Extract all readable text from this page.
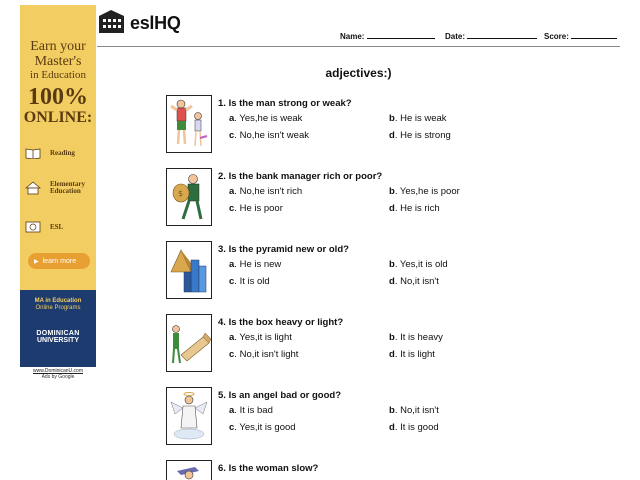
Earn your
Master's
in Education
100%
ONLINE:
Reading
Elementary Education
ESL
▶ learn more
MA in Education
Online Programs
DOMINICAN
UNIVERSITY
www.DominicanU.com
Ads by Google
eslHQ
Name:	Date:	Score:
adjectives:)
1. Is the man strong or weak?
a. Yes,he is weak	b. He is weak
c. No,he isn't weak	d. He is strong
$
2. Is the bank manager rich or poor?
a. No,he isn't rich	b. Yes,he is poor
c. He is poor	d. He is rich
3. Is the pyramid new or old?
a. He is new	b. Yes,it is old
c. It is old	d. No,it isn't
4. Is the box heavy or light?
a. Yes,it is light	b. It is heavy
c. No,it isn't light	d. It is light
5. Is an angel bad or good?
a. It is bad	b. No,it isn't
c. Yes,it is good	d. It is good
6. Is the woman slow?
